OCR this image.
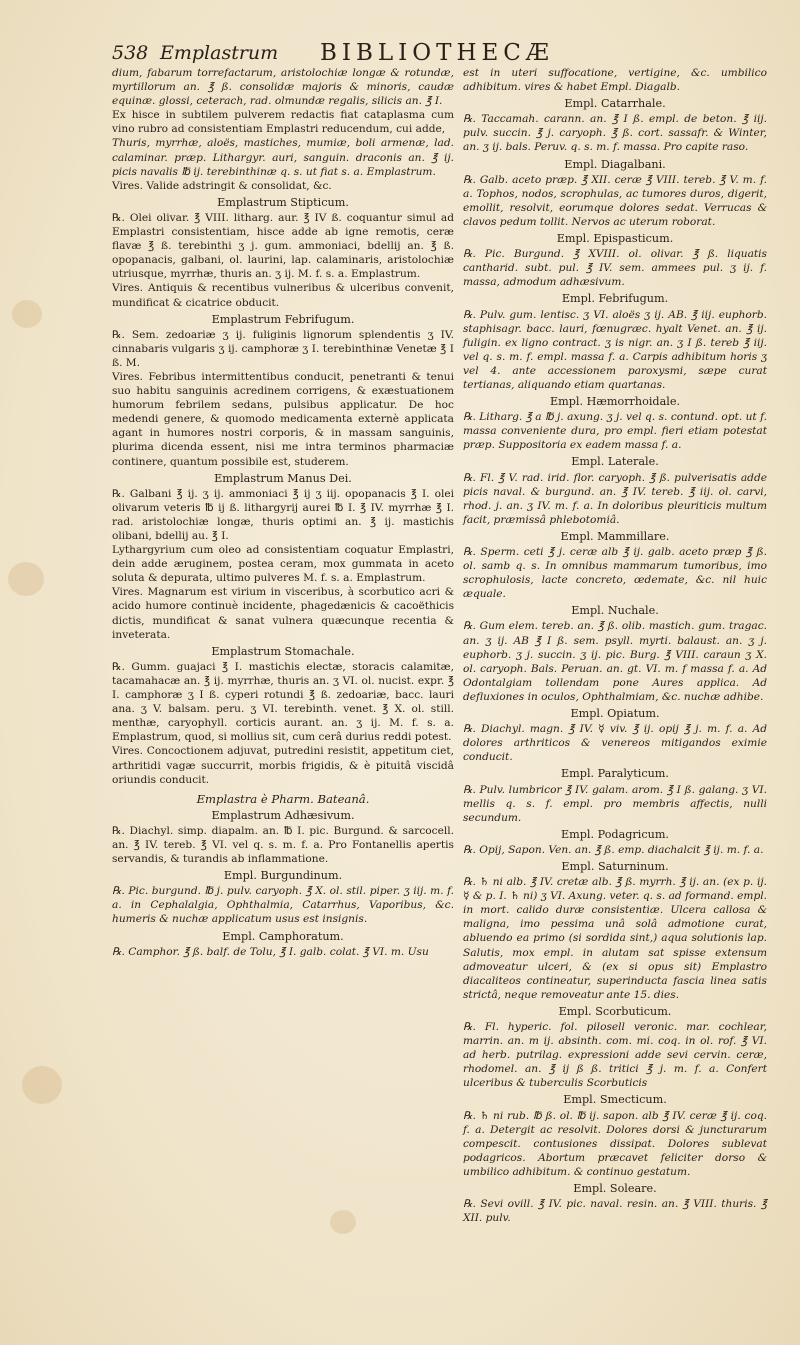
538 Emplastrum BIBLIOTHECÆ
dium, fabarum torrefactarum, aristolochiæ longæ & rotundæ, myrtillorum an. ℥ ß. consolidæ majoris & minoris, caudæ equinæ. glossi, ceterach, rad. olmundæ regalis, silicis an. ℥ I.
Ex hisce in subtilem pulverem redactis fiat cataplasma cum vino rubro ad consistentiam Emplastri reducendum, cui adde,
Thuris, myrrhæ, aloës, mastiches, mumiæ, boli armenæ, lad. calaminar. præp. Lithargyr. auri, sanguin. draconis an. ℥ ij. picis navalis ℔ ij. terebinthinæ q. s. ut fiat s. a. Emplastrum.
Vires. Valide adstringit & consolidat, &c.
Emplastrum Stipticum.
℞. Olei olivar. ℥ VIII. litharg. aur. ℥ IV ß. coquantur simul ad Emplastri consistentiam, hisce adde ab igne remotis, ceræ flavæ ℥ ß. terebinthi ʒ j. gum. ammoniaci, bdellij an. ℥ ß. opopanacis, galbani, ol. laurini, lap. calaminaris, aristolochiæ utriusque, myrrhæ, thuris an. ʒ ij. M. f. s. a. Emplastrum.
Vires. Antiquis & recentibus vulneribus & ulceribus convenit, mundificat & cicatrice obducit.
Emplastrum Febrifugum.
℞. Sem. zedoariæ ʒ ij. fuliginis lignorum splendentis ʒ IV. cinnabaris vulgaris ʒ ij. camphoræ ʒ I. terebinthinæ Venetæ ℥ I ß. M.
Vires. Febribus intermittentibus conducit, penetranti & tenui suo habitu sanguinis acredinem corrigens, & exæstuationem humorum febrilem sedans, pulsibus applicatur. De hoc medendi genere, & quomodo medicamenta externè applicata agant in humores nostri corporis, & in massam sanguinis, plurima dicenda essent, nisi me intra terminos pharmaciæ continere, quantum possibile est, studerem.
Emplastrum Manus Dei.
℞. Galbani ℥ ij. ʒ ij. ammoniaci ℥ ij ʒ iij. opopanacis ℥ I. olei olivarum veteris ℔ ij ß. lithargyrij aurei ℔ I. ℥ IV. myrrhæ ℥ I. rad. aristolochiæ longæ, thuris optimi an. ℥ ij. mastichis olibani, bdellij au. ℥ I.
Lythargyrium cum oleo ad consistentiam coquatur Emplastri, dein adde æruginem, postea ceram, mox gummata in aceto soluta & depurata, ultimo pulveres M. f. s. a. Emplastrum.
Vires. Magnarum est virium in visceribus, à scorbutico acri & acido humore continuè incidente, phagedænicis & cacoëthicis dictis, mundificat & sanat vulnera quæcunque recentia & inveterata.
Emplastrum Stomachale.
℞. Gumm. guajaci ℥ I. mastichis electæ, storacis calamitæ, tacamahacæ an. ℥ ij. myrrhæ, thuris an. ʒ VI. ol. nucist. expr. ℥ I. camphoræ ʒ I ß. cyperi rotundi ℥ ß. zedoariæ, bacc. lauri ana. ʒ V. balsam. peru. ʒ VI. terebinth. venet. ℥ X. ol. still. menthæ, caryophyll. corticis aurant. an. ʒ ij. M. f. s. a. Emplastrum, quod, si mollius sit, cum cerâ durius reddi potest.
Vires. Concoctionem adjuvat, putredini resistit, appetitum ciet, arthritidi vagæ succurrit, morbis frigidis, & è pituitâ viscidâ oriundis conducit.
Emplastra è Pharm. Bateanâ.
Emplastrum Adhæsivum.
℞. Diachyl. simp. diapalm. an. ℔ I. pic. Burgund. & sarcocell. an. ℥ IV. tereb. ℥ VI. vel q. s. m. f. a. Pro Fontanellis apertis servandis, & turandis ab inflammatione.
Empl. Burgundinum.
℞. Pic. burgund. ℔ j. pulv. caryoph. ℥ X. ol. stil. piper. ʒ iij. m. f. a. in Cephalalgia, Ophthalmia, Catarrhus, Vaporibus, &c. humeris & nuchæ applicatum usus est insignis.
Empl. Camphoratum.
℞. Camphor. ℥ ß. balf. de Tolu, ℥ I. galb. colat. ℥ VI. m. Usu
est in uteri suffocatione, vertigine, &c. umbilico adhibitum. vires & habet Empl. Diagalb.
Empl. Catarrhale.
℞. Taccamah. carann. an. ℥ I ß. empl. de beton. ℥ iij. pulv. succin. ℥ j. caryoph. ℥ ß. cort. sassafr. & Winter, an. ʒ ij. bals. Peruv. q. s. m. f. massa. Pro capite raso.
Empl. Diagalbani.
℞. Galb. aceto præp. ℥ XII. ceræ ℥ VIII. tereb. ℥ V. m. f. a. Tophos, nodos, scrophulas, ac tumores duros, digerit, emollit, resolvit, eorumque dolores sedat. Verrucas & clavos pedum tollit. Nervos ac uterum roborat.
Empl. Epispasticum.
℞. Pic. Burgund. ℥ XVIII. ol. olivar. ℥ ß. liquatis cantharid. subt. pul. ℥ IV. sem. ammees pul. ʒ ij. f. massa, admodum adhæsivum.
Empl. Febrifugum.
℞. Pulv. gum. lentisc. ʒ VI. aloës ʒ ij. AB. ℥ iij. euphorb. staphisagr. bacc. lauri, fœnugræc. hyalt Venet. an. ℥ ij. fuligin. ex ligno contract. ʒ is nigr. an. ʒ I ß. tereb ℥ iij. vel q. s. m. f. empl. massa f. a. Carpis adhibitum horis ʒ vel 4. ante accessionem paroxysmi, sæpe curat tertianas, aliquando etiam quartanas.
Empl. Hæmorrhoidale.
℞. Litharg. ℥ a ℔ j. axung. ʒ j. vel q. s. contund. opt. ut f. massa conveniente dura, pro empl. fieri etiam potestat præp. Suppositoria ex eadem massa f. a.
Empl. Laterale.
℞. Fl. ℥ V. rad. irid. flor. caryoph. ℥ ß. pulverisatis adde picis naval. & burgund. an. ℥ IV. tereb. ℥ iij. ol. carvi, rhod. j. an. ʒ IV. m. f. a. In doloribus pleuriticis multum facit, præmissâ phlebotomiâ.
Empl. Mammillare.
℞. Sperm. ceti ℥ j. ceræ alb ℥ ij. galb. aceto præp ℥ ß. ol. samb q. s. In omnibus mammarum tumoribus, imo scrophulosis, lacte concreto, œdemate, &c. nil huic æquale.
Empl. Nuchale.
℞. Gum elem. tereb. an. ℥ ß. olib. mastich. gum. tragac. an. ʒ ij. AB ℥ I ß. sem. psyll. myrti. balaust. an. ʒ j. euphorb. ʒ j. succin. ʒ ij. pic. Burg. ℥ VIII. caraun ʒ X. ol. caryoph. Bals. Peruan. an. gt. VI. m. f massa f. a. Ad Odontalgiam tollendam pone Aures applica. Ad defluxiones in oculos, Ophthalmiam, &c. nuchæ adhibe.
Empl. Opiatum.
℞. Diachyl. magn. ℥ IV. ☿ viv. ℥ ij. opij ℥ j. m. f. a. Ad dolores arthriticos & venereos mitigandos eximie conducit.
Empl. Paralyticum.
℞. Pulv. lumbricor ℥ IV. galam. arom. ℥ I ß. galang. ʒ VI. mellis q. s. f. empl. pro membris affectis, nulli secundum.
Empl. Podagricum.
℞. Opij, Sapon. Ven. an. ℥ ß. emp. diachalcit ℥ ij. m. f. a.
Empl. Saturninum.
℞. ♄ ni alb. ℥ IV. cretæ alb. ℥ ß. myrrh. ℥ ij. an. (ex p. ij. ☿ & p. I. ♄ ni) ʒ VI. Axung. veter. q. s. ad formand. empl. in mort. calido duræ consistentiæ. Ulcera callosa & maligna, imo pessima unâ solâ admotione curat, abluendo ea primo (si sordida sint,) aqua solutionis lap. Salutis, mox empl. in alutam sat spisse extensum admoveatur ulceri, & (ex si opus sit) Emplastro diacaliteos contineatur, superinducta fascia linea satis strictâ, neque removeatur ante 15. dies.
Empl. Scorbuticum.
℞. Fl. hyperic. fol. pilosell veronic. mar. cochlear, marrin. an. m ij. absinth. com. mi. coq. in ol. rof. ℥ VI. ad herb. putrilag. expressioni adde sevi cervin. ceræ, rhodomel. an. ℥ ij ß ß. tritici ℥ j. m. f. a. Confert ulceribus & tuberculis Scorbuticis
Empl. Smecticum.
℞. ♄ ni rub. ℔ ß. ol. ℔ ij. sapon. alb ℥ IV. ceræ ℥ ij. coq. f. a. Detergit ac resolvit. Dolores dorsi & juncturarum compescit. contusiones dissipat. Dolores sublevat podagricos. Abortum præcavet feliciter dorso & umbilico adhibitum. & continuo gestatum.
Empl. Soleare.
℞. Sevi ovill. ℥ IV. pic. naval. resin. an. ℥ VIII. thuris. ℥ XII. pulv.
